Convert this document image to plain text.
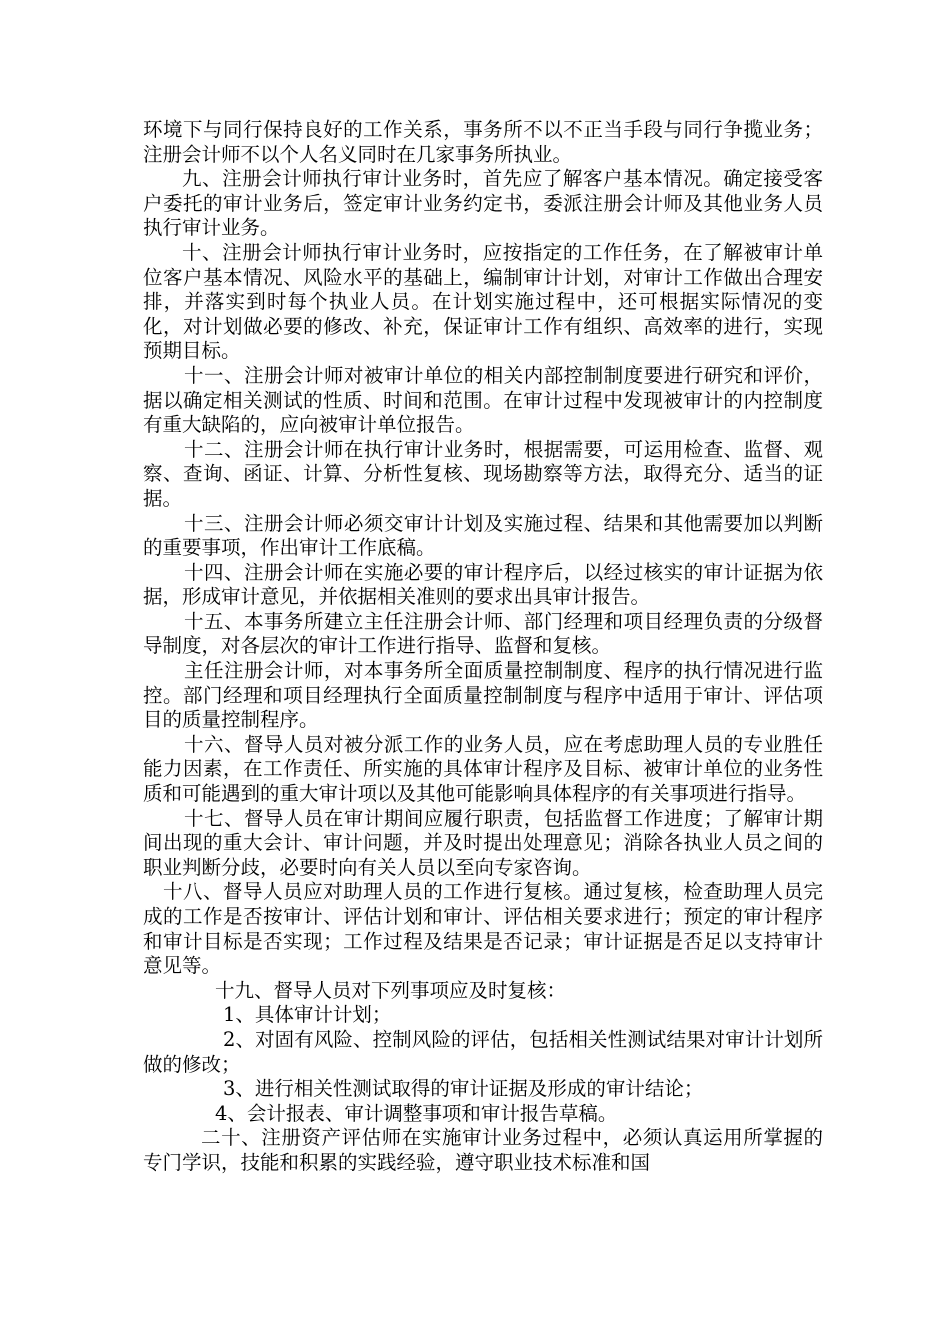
环境下与同行保持良好的工作关系，事务所不以不正当手段与同行争揽业务；注册会计师不以个人名义同时在几家事务所执业。

九、注册会计师执行审计业务时，首先应了解客户基本情况。确定接受客户委托的审计业务后，签定审计业务约定书，委派注册会计师及其他业务人员执行审计业务。

十、注册会计师执行审计业务时，应按指定的工作任务，在了解被审计单位客户基本情况、风险水平的基础上，编制审计计划，对审计工作做出合理安排，并落实到时每个执业人员。在计划实施过程中，还可根据实际情况的变化，对计划做必要的修改、补充，保证审计工作有组织、高效率的进行，实现预期目标。

十一、注册会计师对被审计单位的相关内部控制制度要进行研究和评价，据以确定相关测试的性质、时间和范围。在审计过程中发现被审计的内控制度有重大缺陷的，应向被审计单位报告。

十二、注册会计师在执行审计业务时，根据需要，可运用检查、监督、观察、查询、函证、计算、分析性复核、现场勘察等方法，取得充分、适当的证据。

十三、注册会计师必须交审计计划及实施过程、结果和其他需要加以判断的重要事项，作出审计工作底稿。

十四、注册会计师在实施必要的审计程序后，以经过核实的审计证据为依据，形成审计意见，并依据相关准则的要求出具审计报告。

十五、本事务所建立主任注册会计师、部门经理和项目经理负责的分级督导制度，对各层次的审计工作进行指导、监督和复核。

主任注册会计师，对本事务所全面质量控制制度、程序的执行情况进行监控。部门经理和项目经理执行全面质量控制制度与程序中适用于审计、评估项目的质量控制程序。

十六、督导人员对被分派工作的业务人员，应在考虑助理人员的专业胜任能力因素，在工作责任、所实施的具体审计程序及目标、被审计单位的业务性质和可能遇到的重大审计项以及其他可能影响具体程序的有关事项进行指导。

十七、督导人员在审计期间应履行职责，包括监督工作进度；了解审计期间出现的重大会计、审计问题，并及时提出处理意见；消除各执业人员之间的职业判断分歧，必要时向有关人员以至向专家咨询。

十八、督导人员应对助理人员的工作进行复核。通过复核，检查助理人员完成的工作是否按审计、评估计划和审计、评估相关要求进行；预定的审计程序和审计目标是否实现；工作过程及结果是否记录；审计证据是否足以支持审计意见等。

十九、督导人员对下列事项应及时复核：

1、具体审计计划；

2、对固有风险、控制风险的评估，包括相关性测试结果对审计计划所做的修改；

3、进行相关性测试取得的审计证据及形成的审计结论；

4、会计报表、审计调整事项和审计报告草稿。

二十、注册资产评估师在实施审计业务过程中，必须认真运用所掌握的专门学识，技能和积累的实践经验，遵守职业技术标准和国
